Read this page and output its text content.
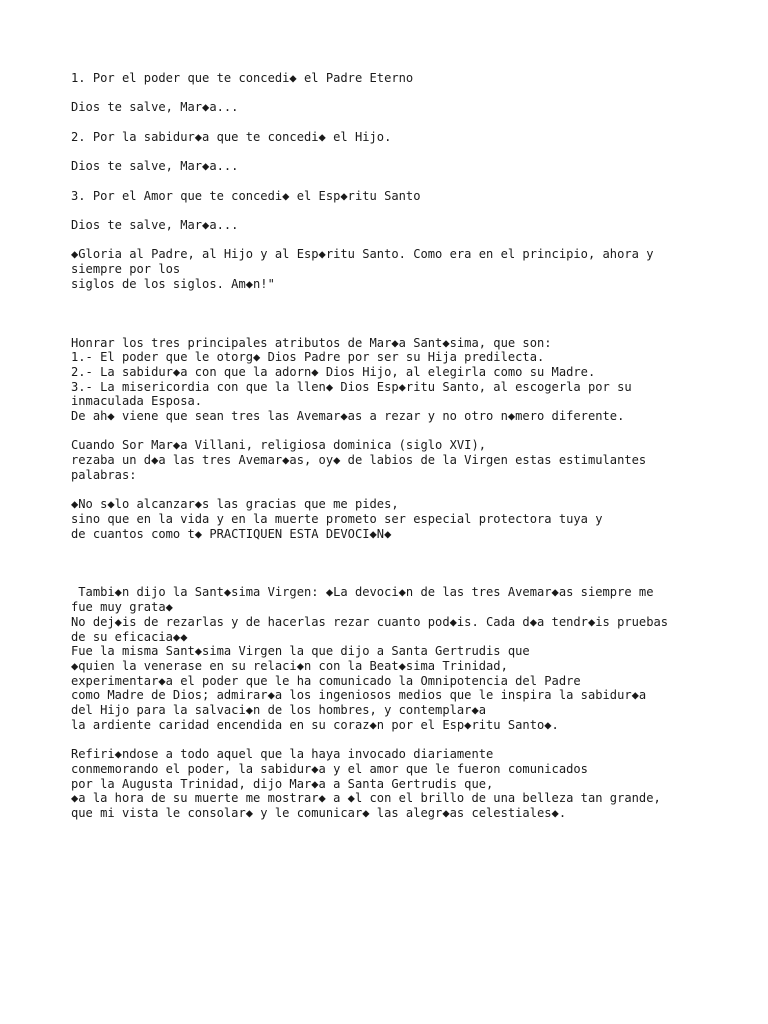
1. Por el poder que te concedi◆ el Padre Eterno
Dios te salve, Mar◆a...
2. Por la sabidur◆a que te concedi◆ el Hijo.
Dios te salve, Mar◆a...
3. Por el Amor que te concedi◆ el Esp◆ritu Santo
Dios te salve, Mar◆a...
◆Gloria al Padre, al Hijo y al Esp◆ritu Santo. Como era en el principio, ahora y
siempre por los
siglos de los siglos. Am◆n!"
Honrar los tres principales atributos de Mar◆a Sant◆sima, que son:
1.- El poder que le otorg◆ Dios Padre por ser su Hija predilecta.
2.- La sabidur◆a con que la adorn◆ Dios Hijo, al elegirla como su Madre.
3.- La misericordia con que la llen◆ Dios Esp◆ritu Santo, al escogerla por su
inmaculada Esposa.
De ah◆ viene que sean tres las Avemar◆as a rezar y no otro n◆mero diferente.
Cuando Sor Mar◆a Villani, religiosa dominica (siglo XVI),
rezaba un d◆a las tres Avemar◆as, oy◆ de labios de la Virgen estas estimulantes
palabras:
◆No s◆lo alcanzar◆s las gracias que me pides,
sino que en la vida y en la muerte prometo ser especial protectora tuya y
de cuantos como t◆ PRACTIQUEN ESTA DEVOCI◆N◆
Tambi◆n dijo la Sant◆sima Virgen: ◆La devoci◆n de las tres Avemar◆as siempre me
fue muy grata◆
No dej◆is de rezarlas y de hacerlas rezar cuanto pod◆is. Cada d◆a tendr◆is pruebas
de su eficacia◆◆
Fue la misma Sant◆sima Virgen la que dijo a Santa Gertrudis que
◆quien la venerase en su relaci◆n con la Beat◆sima Trinidad,
experimentar◆a el poder que le ha comunicado la Omnipotencia del Padre
como Madre de Dios; admirar◆a los ingeniosos medios que le inspira la sabidur◆a
del Hijo para la salvaci◆n de los hombres, y contemplar◆a
la ardiente caridad encendida en su coraz◆n por el Esp◆ritu Santo◆.
Refiri◆ndose a todo aquel que la haya invocado diariamente
conmemorando el poder, la sabidur◆a y el amor que le fueron comunicados
por la Augusta Trinidad, dijo Mar◆a a Santa Gertrudis que,
◆a la hora de su muerte me mostrar◆ a ◆l con el brillo de una belleza tan grande,
que mi vista le consolar◆ y le comunicar◆ las alegr◆as celestiales◆.
